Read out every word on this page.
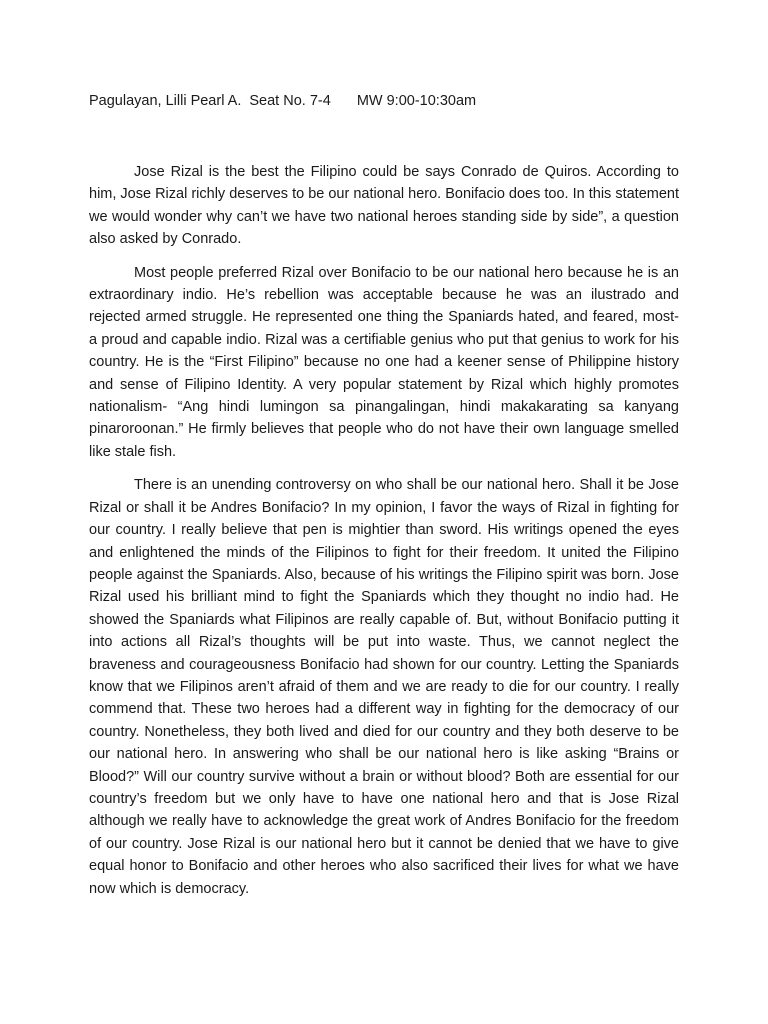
Pagulayan, Lilli Pearl A. Seat No. 7-4 MW 9:00-10:30am

Jose Rizal is the best the Filipino could be says Conrado de Quiros. According to him, Jose Rizal richly deserves to be our national hero. Bonifacio does too. In this statement we would wonder why can’t we have two national heroes standing side by side”, a question also asked by Conrado.

Most people preferred Rizal over Bonifacio to be our national hero because he is an extraordinary indio. He’s rebellion was acceptable because he was an ilustrado and rejected armed struggle. He represented one thing the Spaniards hated, and feared, most- a proud and capable indio. Rizal was a certifiable genius who put that genius to work for his country. He is the “First Filipino” because no one had a keener sense of Philippine history and sense of Filipino Identity. A very popular statement by Rizal which highly promotes nationalism- “Ang hindi lumingon sa pinangalingan, hindi makakarating sa kanyang pinaroroonan.” He firmly believes that people who do not have their own language smelled like stale fish.

There is an unending controversy on who shall be our national hero. Shall it be Jose Rizal or shall it be Andres Bonifacio? In my opinion, I favor the ways of Rizal in fighting for our country. I really believe that pen is mightier than sword. His writings opened the eyes and enlightened the minds of the Filipinos to fight for their freedom. It united the Filipino people against the Spaniards. Also, because of his writings the Filipino spirit was born. Jose Rizal used his brilliant mind to fight the Spaniards which they thought no indio had. He showed the Spaniards what Filipinos are really capable of. But, without Bonifacio putting it into actions all Rizal’s thoughts will be put into waste. Thus, we cannot neglect the braveness and courageousness Bonifacio had shown for our country. Letting the Spaniards know that we Filipinos aren’t afraid of them and we are ready to die for our country. I really commend that. These two heroes had a different way in fighting for the democracy of our country. Nonetheless, they both lived and died for our country and they both deserve to be our national hero. In answering who shall be our national hero is like asking “Brains or Blood?” Will our country survive without a brain or without blood? Both are essential for our country’s freedom but we only have to have one national hero and that is Jose Rizal although we really have to acknowledge the great work of Andres Bonifacio for the freedom of our country. Jose Rizal is our national hero but it cannot be denied that we have to give equal honor to Bonifacio and other heroes who also sacrificed their lives for what we have now which is democracy.
